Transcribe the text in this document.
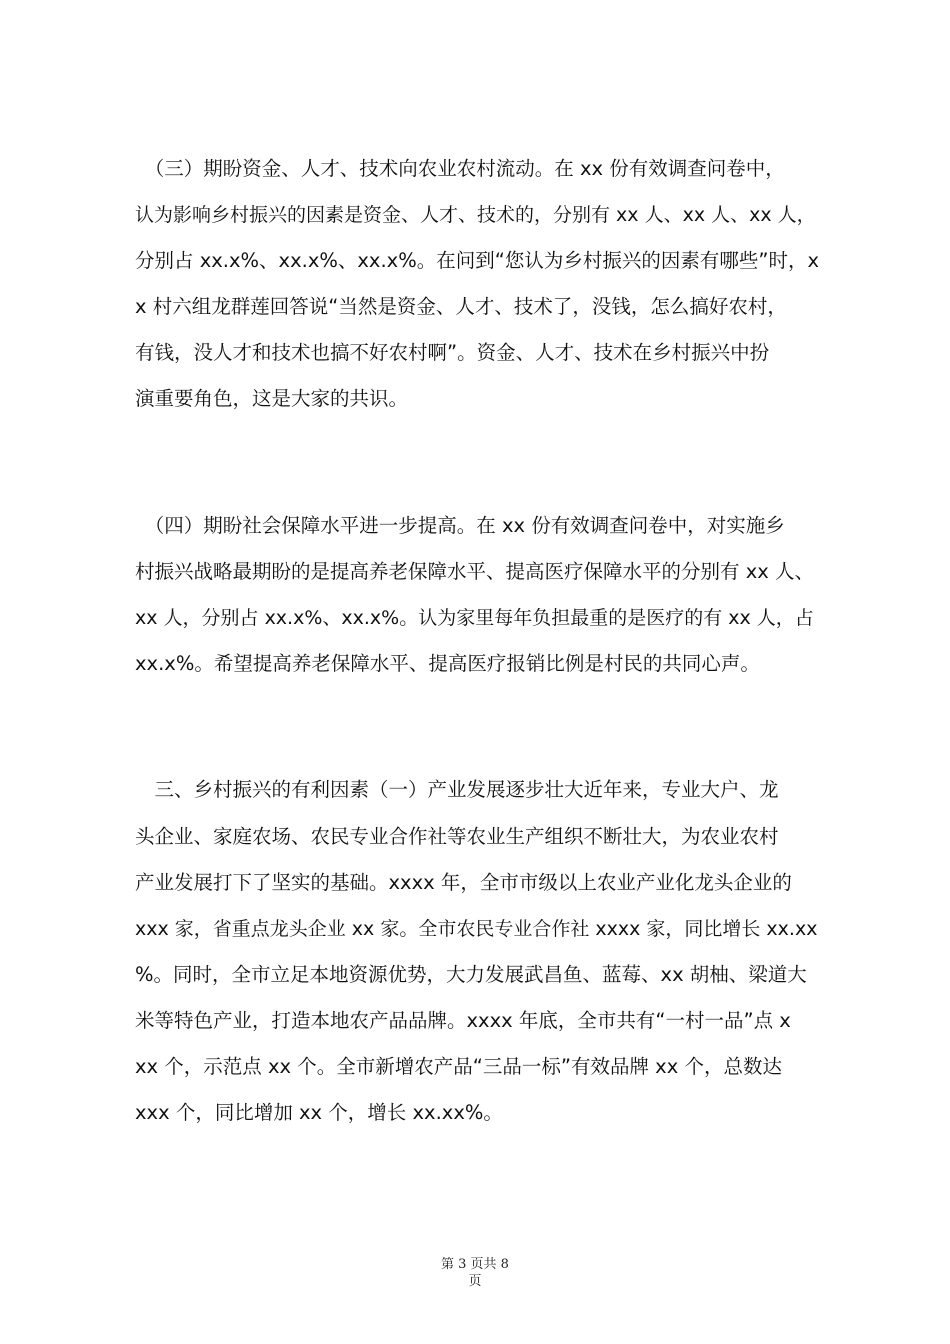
　（三）期盼资金、人才、技术向农业农村流动。在 xx 份有效调查问卷中，

认为影响乡村振兴的因素是资金、人才、技术的，分别有 xx 人、xx 人、xx 人，

分别占 xx.x%、xx.x%、xx.x%。在问到“您认为乡村振兴的因素有哪些”时，x

x 村六组龙群莲回答说“当然是资金、人才、技术了，没钱，怎么搞好农村，

有钱，没人才和技术也搞不好农村啊”。资金、人才、技术在乡村振兴中扮

演重要角色，这是大家的共识。

　（四）期盼社会保障水平进一步提高。在 xx 份有效调查问卷中，对实施乡

村振兴战略最期盼的是提高养老保障水平、提高医疗保障水平的分别有 xx 人、

xx 人，分别占 xx.x%、xx.x%。认为家里每年负担最重的是医疗的有 xx 人，占

xx.x%。希望提高养老保障水平、提高医疗报销比例是村民的共同心声。

　三、乡村振兴的有利因素（一）产业发展逐步壮大近年来，专业大户、龙

头企业、家庭农场、农民专业合作社等农业生产组织不断壮大，为农业农村

产业发展打下了坚实的基础。xxxx 年，全市市级以上农业产业化龙头企业的

xxx 家，省重点龙头企业 xx 家。全市农民专业合作社 xxxx 家，同比增长 xx.xx

%。同时，全市立足本地资源优势，大力发展武昌鱼、蓝莓、xx 胡柚、梁道大

米等特色产业，打造本地农产品品牌。xxxx 年底，全市共有“一村一品”点 x

xx 个，示范点 xx 个。全市新增农产品“三品一标”有效品牌 xx 个，总数达

xxx 个，同比增加 xx 个，增长 xx.xx%。

第 3 页共 8
页
